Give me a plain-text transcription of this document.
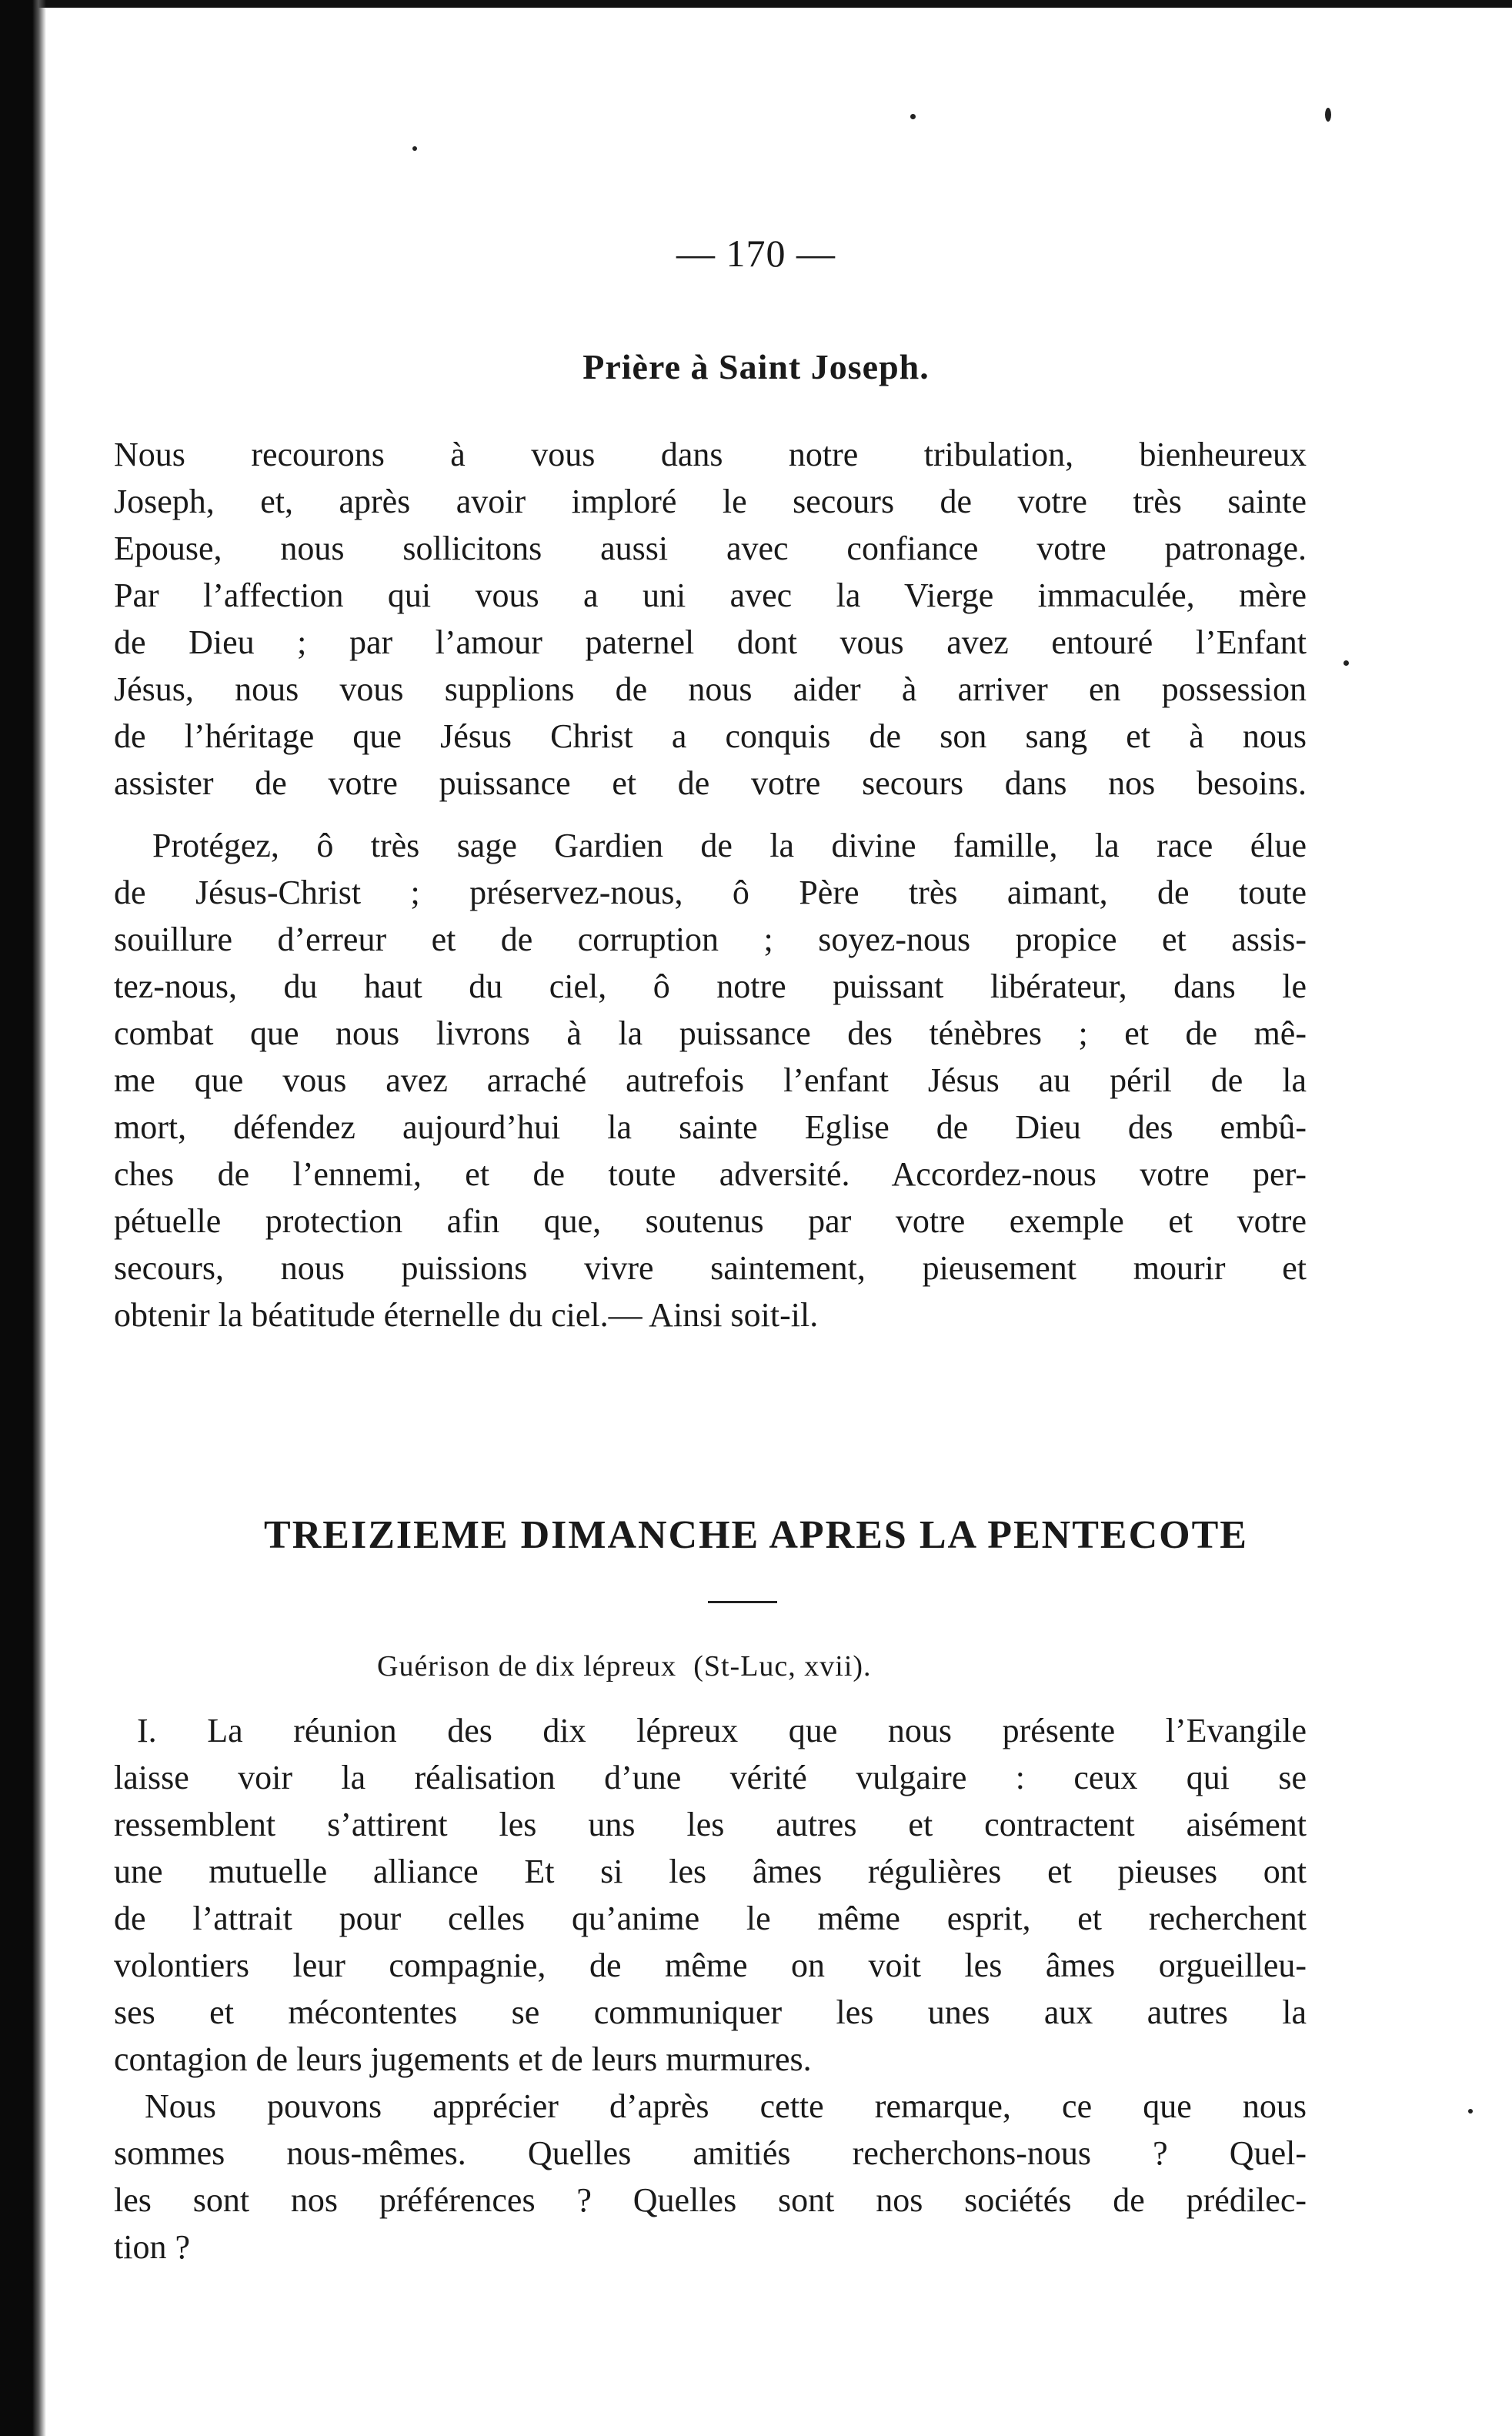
— 170 —
Prière à Saint Joseph.
Nous recourons à vous dans notre tribulation, bienheureux
Joseph, et, après avoir imploré le secours de votre très sainte
Epouse, nous sollicitons aussi avec confiance votre patronage.
Par l’affection qui vous a uni avec la Vierge immaculée, mère
de Dieu ; par l’amour paternel dont vous avez entouré l’Enfant
Jésus, nous vous supplions de nous aider à arriver en possession
de l’héritage que Jésus Christ a conquis de son sang et à nous
assister de votre puissance et de votre secours dans nos besoins.
Protégez, ô très sage Gardien de la divine famille, la race élue
de Jésus-Christ ; préservez-nous, ô Père très aimant, de toute
souillure d’erreur et de corruption ; soyez-nous propice et assis-
tez-nous, du haut du ciel, ô notre puissant libérateur, dans le
combat que nous livrons à la puissance des ténèbres ; et de mê-
me que vous avez arraché autrefois l’enfant Jésus au péril de la
mort, défendez aujourd’hui la sainte Eglise de Dieu des embû-
ches de l’ennemi, et de toute adversité. Accordez-nous votre per-
pétuelle protection afin que, soutenus par votre exemple et votre
secours, nous puissions vivre saintement, pieusement mourir et
obtenir la béatitude éternelle du ciel.— Ainsi soit-il.
TREIZIEME DIMANCHE APRES LA PENTECOTE
Guérison de dix lépreux (St-Luc, xvii).
I. La réunion des dix lépreux que nous présente l’Evangile
laisse voir la réalisation d’une vérité vulgaire : ceux qui se
ressemblent s’attirent les uns les autres et contractent aisément
une mutuelle alliance Et si les âmes régulières et pieuses ont
de l’attrait pour celles qu’anime le même esprit, et recherchent
volontiers leur compagnie, de même on voit les âmes orgueilleu-
ses et mécontentes se communiquer les unes aux autres la
contagion de leurs jugements et de leurs murmures.
Nous pouvons apprécier d’après cette remarque, ce que nous
sommes nous-mêmes. Quelles amitiés recherchons-nous ? Quel-
les sont nos préférences ? Quelles sont nos sociétés de prédilec-
tion ?
